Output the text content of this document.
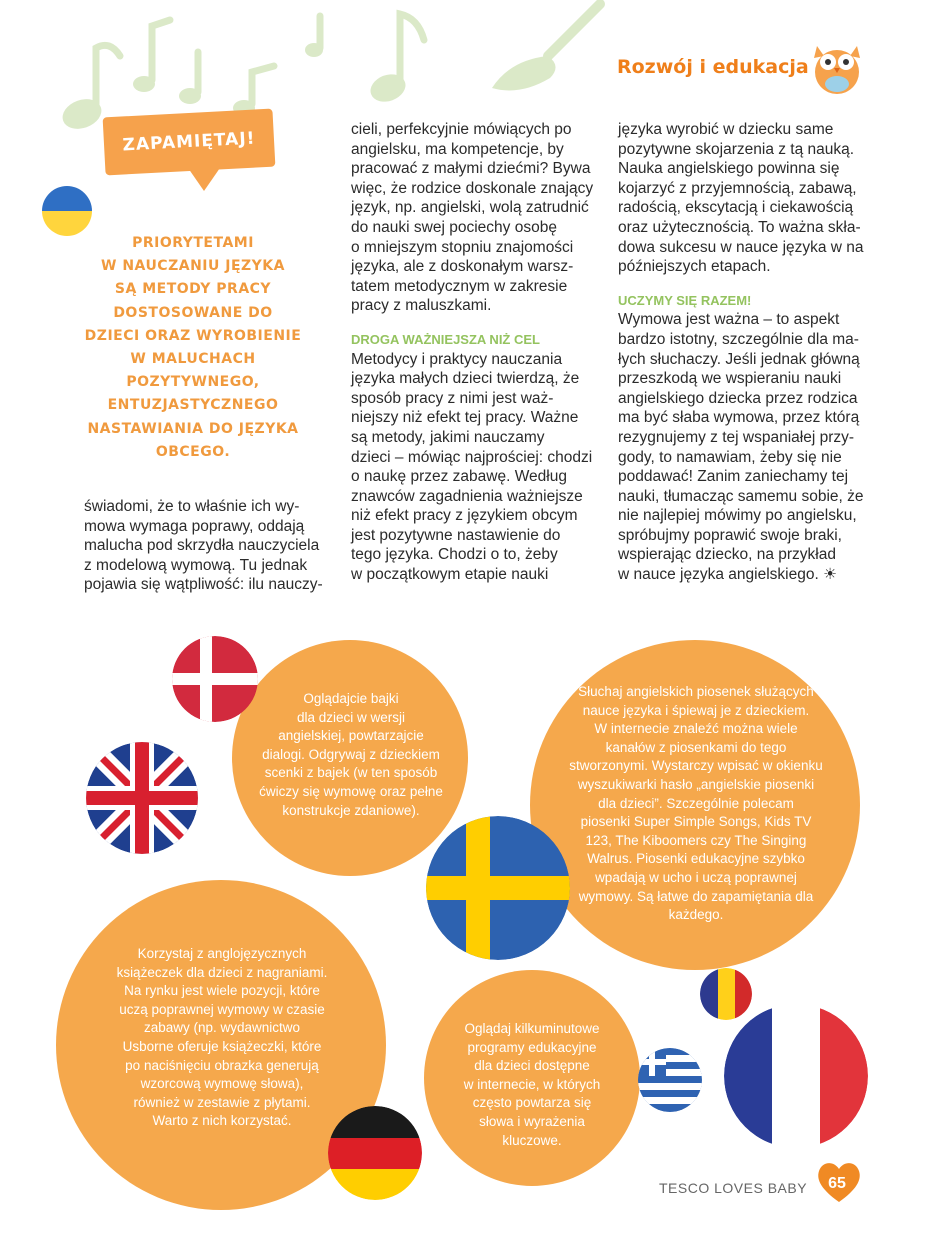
Rozwój i edukacja
ZAPAMIĘTAJ!
PRIORYTETAMI
W NAUCZANIU JĘZYKA
SĄ METODY PRACY
DOSTOSOWANE DO
DZIECI ORAZ WYROBIENIE
W MALUCHACH
POZYTYWNEGO,
ENTUZJASTYCZNEGO
NASTAWIANIA DO JĘZYKA
OBCEGO.

świadomi, że to właśnie ich wy-
mowa wymaga poprawy, oddają
malucha pod skrzydła nauczyciela
z modelową wymową. Tu jednak
pojawia się wątpliwość: ilu nauczy-

cieli, perfekcyjnie mówiących po
angielsku, ma kompetencje, by
pracować z małymi dziećmi? Bywa
więc, że rodzice doskonale znający
język, np. angielski, wolą zatrudnić
do nauki swej pociechy osobę
o mniejszym stopniu znajomości
języka, ale z doskonałym warsz-
tatem metodycznym w zakresie
pracy z maluszkami.

DROGA WAŻNIEJSZA NIŻ CEL

Metodycy i praktycy nauczania
języka małych dzieci twierdzą, że
sposób pracy z nimi jest waż-
niejszy niż efekt tej pracy. Ważne
są metody, jakimi nauczamy
dzieci – mówiąc najprościej: chodzi
o naukę przez zabawę. Według
znawców zagadnienia ważniejsze
niż efekt pracy z językiem obcym
jest pozytywne nastawienie do
tego języka. Chodzi o to, żeby
w początkowym etapie nauki

języka wyrobić w dziecku same
pozytywne skojarzenia z tą nauką.
Nauka angielskiego powinna się
kojarzyć z przyjemnością, zabawą,
radością, ekscytacją i ciekawością
oraz użytecznością. To ważna skła-
dowa sukcesu w nauce języka w na
późniejszych etapach.

UCZYMY SIĘ RAZEM!

Wymowa jest ważna – to aspekt
bardzo istotny, szczególnie dla ma-
łych słuchaczy. Jeśli jednak główną
przeszkodą we wspieraniu nauki
angielskiego dziecka przez rodzica
ma być słaba wymowa, przez którą
rezygnujemy z tej wspaniałej przy-
gody, to namawiam, żeby się nie
poddawać! Zanim zaniechamy tej
nauki, tłumacząc samemu sobie, że
nie najlepiej mówimy po angielsku,
spróbujmy poprawić swoje braki,
wspierając dziecko, na przykład
w nauce języka angielskiego. ☀

Oglądajcie bajki
dla dzieci w wersji
angielskiej, powtarzajcie
dialogi. Odgrywaj z dzieckiem
scenki z bajek (w ten sposób
ćwiczy się wymowę oraz pełne
konstrukcje zdaniowe).
Słuchaj angielskich piosenek służących
nauce języka i śpiewaj je z dzieckiem.
W internecie znaleźć można wiele
kanałów z piosenkami do tego
stworzonymi. Wystarczy wpisać w okienku
wyszukiwarki hasło „angielskie piosenki
dla dzieci”. Szczególnie polecam
piosenki Super Simple Songs, Kids TV
123, The Kiboomers czy The Singing
Walrus. Piosenki edukacyjne szybko
wpadają w ucho i uczą poprawnej
wymowy. Są łatwe do zapamiętania dla
każdego.
Korzystaj z anglojęzycznych
książeczek dla dzieci z nagraniami.
Na rynku jest wiele pozycji, które
uczą poprawnej wymowy w czasie
zabawy (np. wydawnictwo
Usborne oferuje książeczki, które
po naciśnięciu obrazka generują
wzorcową wymowę słowa),
również w zestawie z płytami.
Warto z nich korzystać.
Oglądaj kilkuminutowe
programy edukacyjne
dla dzieci dostępne
w internecie, w których
często powtarza się
słowa i wyrażenia
kluczowe.
TESCO LOVES BABY 65
